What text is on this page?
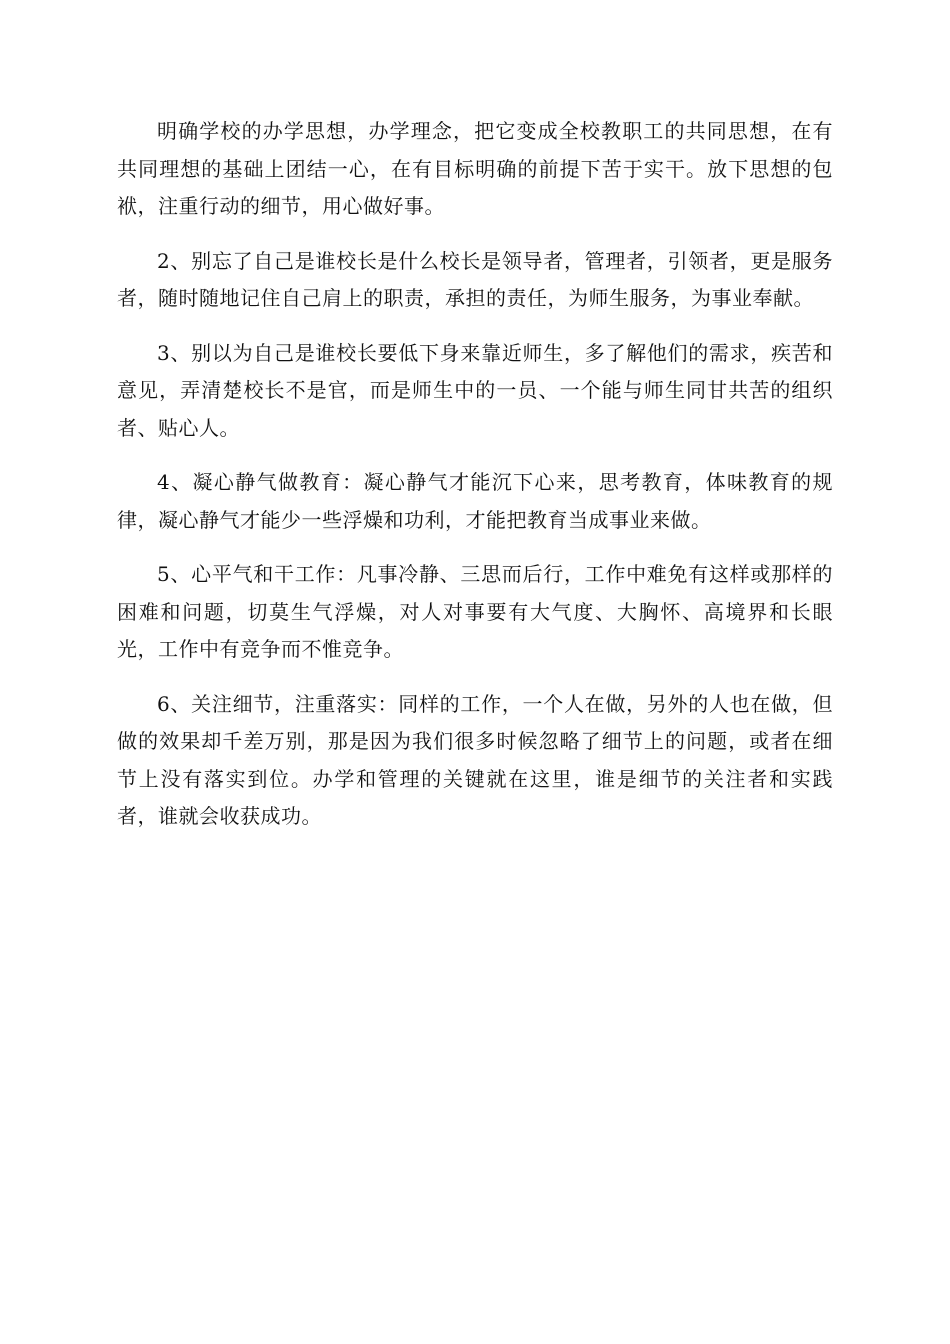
明确学校的办学思想，办学理念，把它变成全校教职工的共同思想，在有共同理想的基础上团结一心，在有目标明确的前提下苦于实干。放下思想的包袱，注重行动的细节，用心做好事。

2、别忘了自己是谁校长是什么校长是领导者，管理者，引领者，更是服务者，随时随地记住自己肩上的职责，承担的责任，为师生服务，为事业奉献。

3、别以为自己是谁校长要低下身来靠近师生，多了解他们的需求，疾苦和意见，弄清楚校长不是官，而是师生中的一员、一个能与师生同甘共苦的组织者、贴心人。

4、凝心静气做教育：凝心静气才能沉下心来，思考教育，体味教育的规律，凝心静气才能少一些浮燥和功利，才能把教育当成事业来做。

5、心平气和干工作：凡事冷静、三思而后行，工作中难免有这样或那样的困难和问题，切莫生气浮燥，对人对事要有大气度、大胸怀、高境界和长眼光，工作中有竞争而不惟竞争。

6、关注细节，注重落实：同样的工作，一个人在做，另外的人也在做，但做的效果却千差万别，那是因为我们很多时候忽略了细节上的问题，或者在细节上没有落实到位。办学和管理的关键就在这里，谁是细节的关注者和实践者，谁就会收获成功。
